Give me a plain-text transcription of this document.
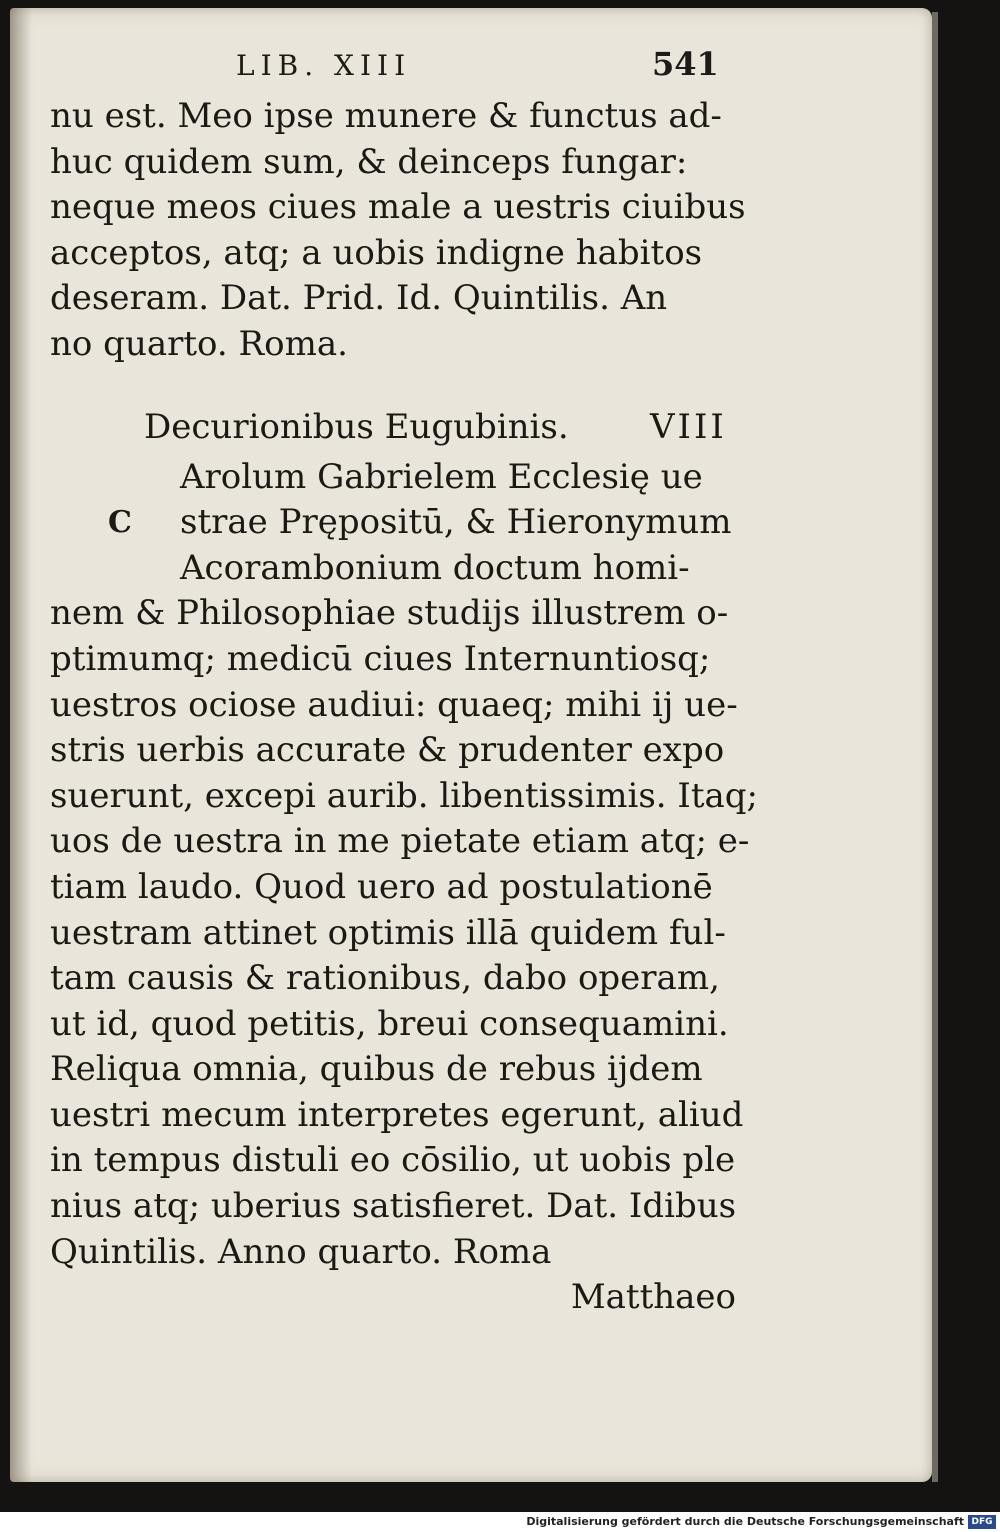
LIB. XIII	541
nu est. Meo ipse munere & functus ad-
huc quidem sum, & deinceps fungar:
neque meos ciues male a uestris ciuibus
acceptos, atq; a uobis indigne habitos
deseram. Dat. Prid. Id. Quintilis. An
no quarto. Roma.
Decurionibus Eugubinis. VIII
Arolum Gabrielem Ecclesię ue
C strae Prępositū, & Hieronymum
Acorambonium doctum homi-
nem & Philosophiae studijs illustrem o-
ptimumq; medicū ciues Internuntiosq;
uestros ociose audiui: quaeq; mihi ij ue-
stris uerbis accurate & prudenter expo
suerunt, excepi aurib. libentissimis. Itaq;
uos de uestra in me pietate etiam atq; e-
tiam laudo. Quod uero ad postulationē
uestram attinet optimis illā quidem ful-
tam causis & rationibus, dabo operam,
ut id, quod petitis, breui consequamini.
Reliqua omnia, quibus de rebus ijdem
uestri mecum interpretes egerunt, aliud
in tempus distuli eo cōsilio, ut uobis ple
nius atq; uberius satisfieret. Dat. Idibus
Quintilis. Anno quarto. Roma
Matthaeo
Digitalisierung gefördert durch die Deutsche Forschungsgemeinschaft DFG
